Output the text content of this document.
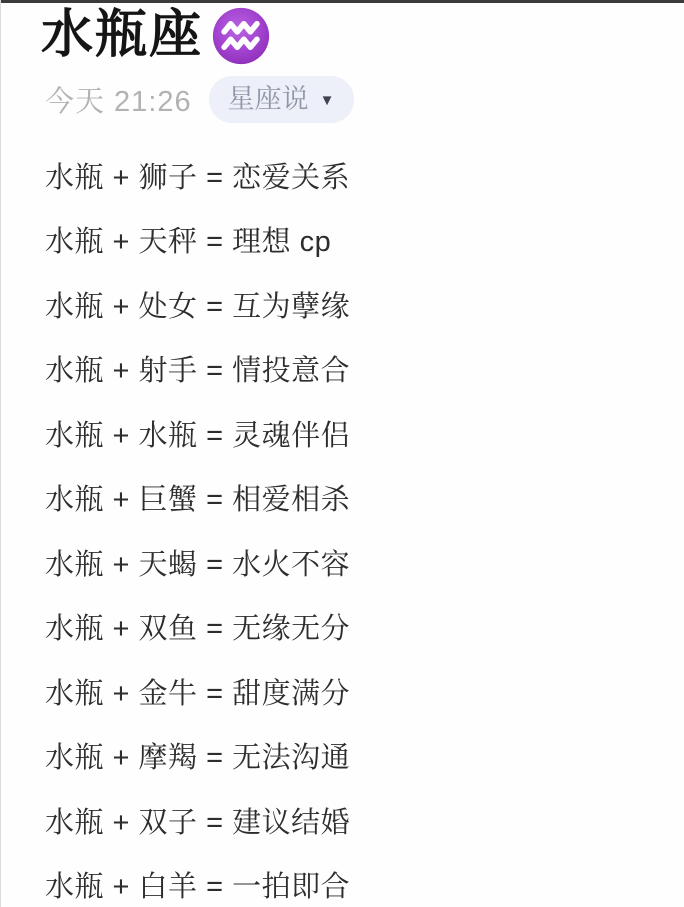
水瓶座
今天 21:26 星座说 ▼
水瓶 + 狮子 = 恋爱关系
水瓶 + 天秤 = 理想 cp
水瓶 + 处女 = 互为孽缘
水瓶 + 射手 = 情投意合
水瓶 + 水瓶 = 灵魂伴侣
水瓶 + 巨蟹 = 相爱相杀
水瓶 + 天蝎 = 水火不容
水瓶 + 双鱼 = 无缘无分
水瓶 + 金牛 = 甜度满分
水瓶 + 摩羯 = 无法沟通
水瓶 + 双子 = 建议结婚
水瓶 + 白羊 = 一拍即合
